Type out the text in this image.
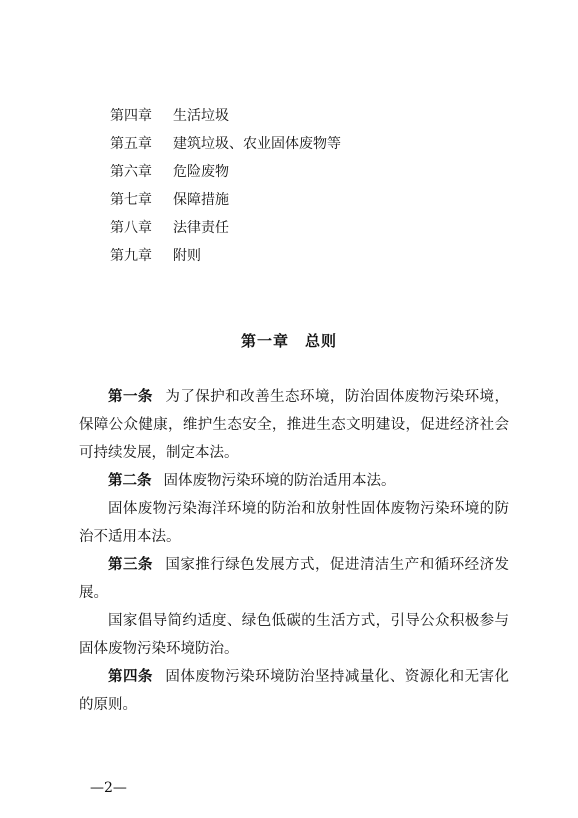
第四章 生活垃圾
第五章 建筑垃圾、农业固体废物等
第六章 危险废物
第七章 保障措施
第八章 法律责任
第九章 附则
第一章　总则

第一条 为了保护和改善生态环境，防治固体废物污染环境，保障公众健康，维护生态安全，推进生态文明建设，促进经济社会可持续发展，制定本法。

第二条 固体废物污染环境的防治适用本法。

固体废物污染海洋环境的防治和放射性固体废物污染环境的防治不适用本法。

第三条 国家推行绿色发展方式，促进清洁生产和循环经济发展。

国家倡导简约适度、绿色低碳的生活方式，引导公众积极参与固体废物污染环境防治。

第四条 固体废物污染环境防治坚持减量化、资源化和无害化的原则。

—2—
